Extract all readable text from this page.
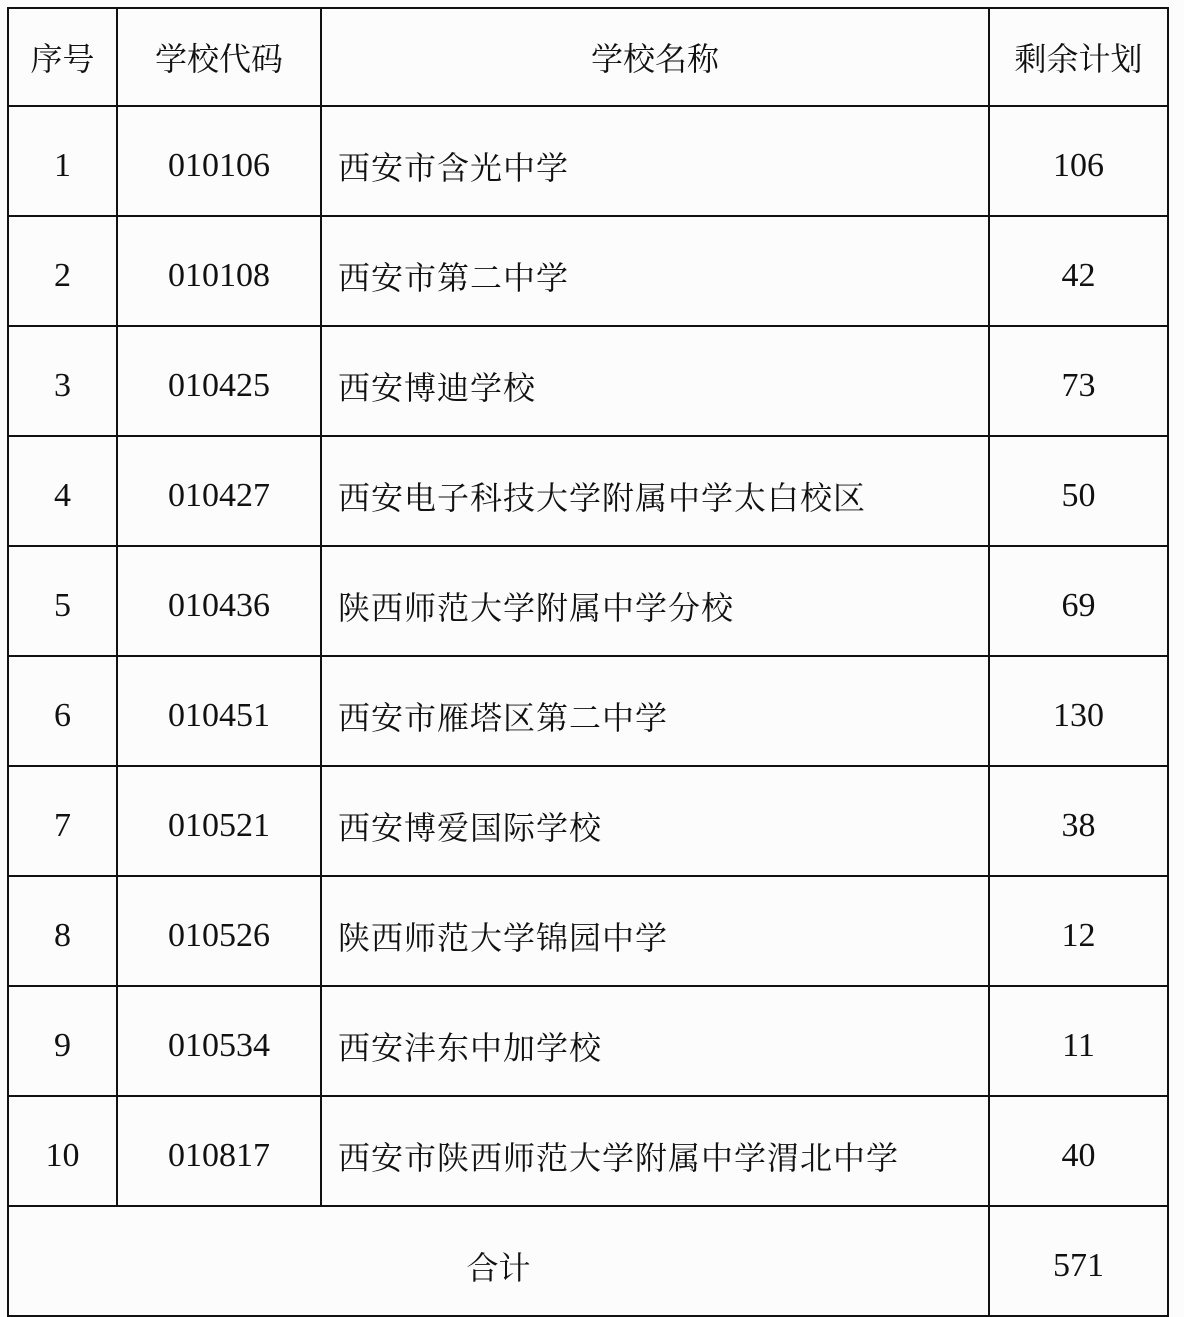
序号	学校代码	学校名称	剩余计划
1	010106	西安市含光中学	106
2	010108	西安市第二中学	42
3	010425	西安博迪学校	73
4	010427	西安电子科技大学附属中学太白校区	50
5	010436	陕西师范大学附属中学分校	69
6	010451	西安市雁塔区第二中学	130
7	010521	西安博爱国际学校	38
8	010526	陕西师范大学锦园中学	12
9	010534	西安沣东中加学校	11
10	010817	西安市陕西师范大学附属中学渭北中学	40
合计			571
